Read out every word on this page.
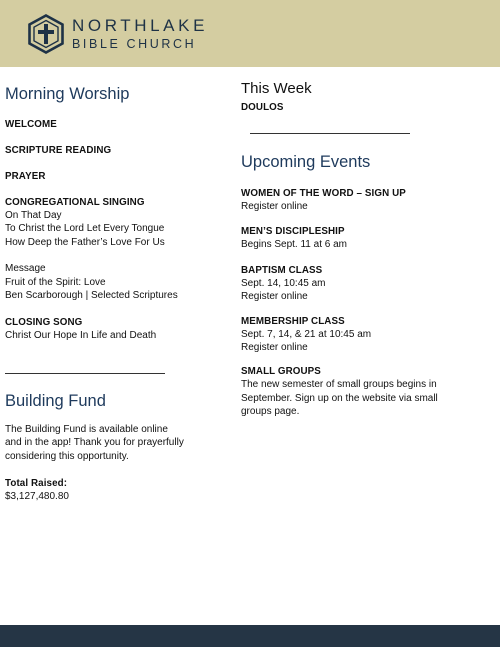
NORTHLAKE
BIBLE CHURCH
Morning Worship
WELCOME
SCRIPTURE READING
PRAYER
CONGREGATIONAL SINGING
On That Day
To Christ the Lord Let Every Tongue
How Deep the Father’s Love For Us
Message
Fruit of the Spirit: Love
Ben Scarborough | Selected Scriptures
CLOSING SONG
Christ Our Hope In Life and Death
Building Fund
The Building Fund is available online
and in the app! Thank you for prayerfully
considering this opportunity.
Total Raised:
$3,127,480.80
This Week
DOULOS
Upcoming Events
WOMEN OF THE WORD – SIGN UP
Register online
MEN’S DISCIPLESHIP
Begins Sept. 11 at 6 am
BAPTISM CLASS
Sept. 14, 10:45 am
Register online
MEMBERSHIP CLASS
Sept. 7, 14, & 21 at 10:45 am
Register online
SMALL GROUPS
The new semester of small groups begins in
September. Sign up on the website via small
groups page.
